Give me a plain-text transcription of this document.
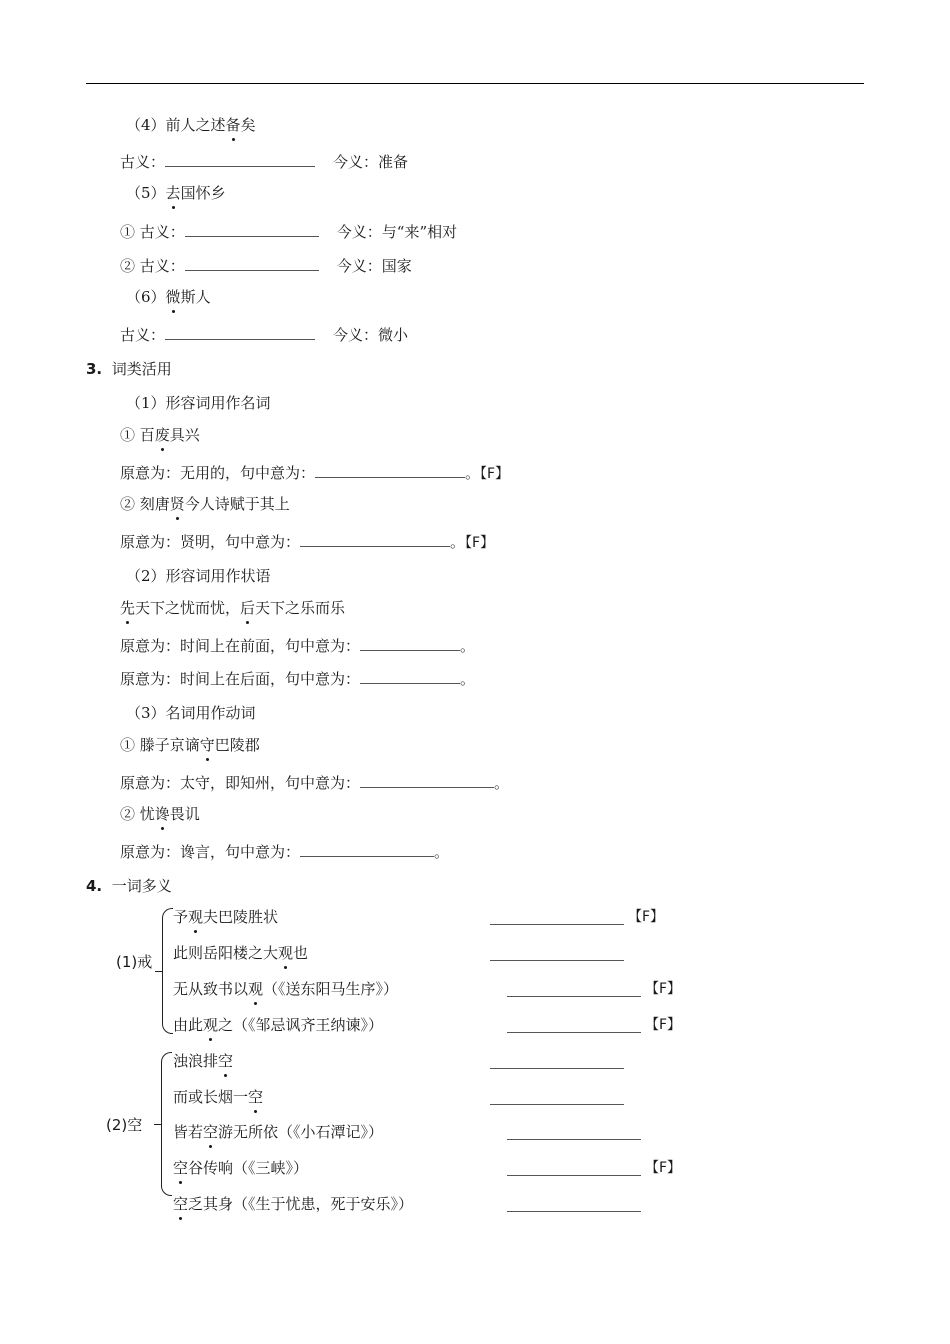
（4）前人之述备矣
古义：	今义：准备
（5）去国怀乡
① 古义：	今义：与“来”相对
② 古义：	今义：国家
（6）微斯人
古义：	今义：微小
3. 词类活用
（1）形容词用作名词
① 百废具兴
原意为：无用的，句中意为：	。【F】
② 刻唐贤今人诗赋于其上
原意为：贤明，句中意为：	。【F】
（2）形容词用作状语
先天下之忧而忧，后天下之乐而乐
原意为：时间上在前面，句中意为：	。
原意为：时间上在后面，句中意为：	。
（3）名词用作动词
① 滕子京谪守巴陵郡
原意为：太守，即知州，句中意为：	。
② 忧谗畏讥
原意为：谗言，句中意为：	。
4. 一词多义
(1)戒
予观夫巴陵胜状	【F】
此则岳阳楼之大观也
无从致书以观（《送东阳马生序》）	【F】
由此观之（《邹忌讽齐王纳谏》）	【F】
(2)空
浊浪排空
而或长烟一空
皆若空游无所依（《小石潭记》）
空谷传响（《三峡》）	【F】
空乏其身（《生于忧患，死于安乐》）
